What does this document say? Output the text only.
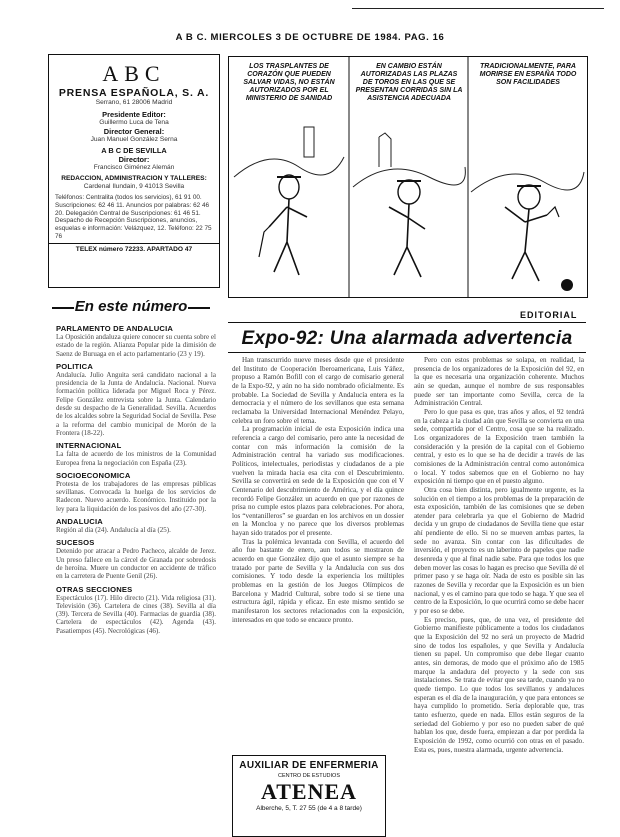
A B C. MIERCOLES 3 DE OCTUBRE DE 1984. PAG. 16
ABC
PRENSA ESPAÑOLA, S. A.
Serrano, 61 28006 Madrid
Presidente Editor:
Guillermo Luca de Tena
Director General:
Juan Manuel González Serna
A B C DE SEVILLA
Director:
Francisco Giménez Alemán
REDACCION, ADMINISTRACION Y TALLERES:
Cardenal Ilundain, 9 41013 Sevilla
Teléfonos: Centralita (todos los servicios), 61 91 00. Suscripciones: 62 46 11. Anuncios por palabras: 62 46 20. Delegación Central de Suscripciones: 61 46 51. Despacho de Recepción Suscripciones, anuncios, esquelas e información: Velázquez, 12. Teléfono: 22 75 76
TELEX número 72233. APARTADO 47
En este número
PARLAMENTO DE ANDALUCIA
La Oposición andaluza quiere conocer su cuenta sobre el estado de la región. Alianza Popular pide la dimisión de Saenz de Buruaga en el acto parlamentario (23 y 19).
POLITICA
Andalucía. Julio Anguita será candidato nacional a la presidencia de la Junta de Andalucía. Nacional. Nueva formación política liderada por Miguel Roca y Pérez. Felipe González entrevista sobre la Junta. Calendario desde su despacho de la Generalidad. Sevilla. Acuerdos de los alcaldes sobre la Seguridad Social de Sevilla. Pese a la reforma del cambio municipal de Morón de la Frontera (18-22).
INTERNACIONAL
La falta de acuerdo de los ministros de la Comunidad Europea frena la negociación con España (23).
SOCIOECONOMICA
Protesta de los trabajadores de las empresas públicas sevillanas. Convocada la huelga de los servicios de Radecon. Nuevo acuerdo. Económico. Instituido por la ley para la liquidación de los pasivos del año (27-30).
ANDALUCIA
Región al día (24). Andalucía al día (25).
SUCESOS
Detenido por atracar a Pedro Pacheco, alcalde de Jerez. Un preso fallece en la cárcel de Granada por sobredosis de heroína. Muere un conductor en accidente de tráfico en la carretera de Puente Genil (26).
OTRAS SECCIONES
Espectáculos (17). Hilo directo (21). Vida religiosa (31). Televisión (36). Cartelera de cines (38). Sevilla al día (39). Tercera de Sevilla (40). Farmacias de guardia (38). Cartelera de espectáculos (42). Agenda (43). Pasatiempos (45). Necrológicas (46).
LOS TRASPLANTES DE CORAZÓN QUE PUEDEN SALVAR VIDAS, NO ESTÁN AUTORIZADOS POR EL MINISTERIO DE SANIDAD
EN CAMBIO ESTÁN AUTORIZADAS LAS PLAZAS DE TOROS EN LAS QUE SE PRESENTAN CORRIDAS SIN LA ASISTENCIA ADECUADA
TRADICIONALMENTE, PARA MORIRSE EN ESPAÑA TODO SON FACILIDADES
EDITORIAL
Expo-92: Una alarmada advertencia

Han transcurrido nueve meses desde que el presidente del Instituto de Cooperación Iberoamericana, Luis Yáñez, propuso a Ramón Bofill con el cargo de comisario general de la Expo-92, y aún no ha sido nombrado oficialmente. Es probable. La Sociedad de Sevilla y Andalucía entera es la democracia y el número de los sevillanos que esta semana reclamaba la Universidad Internacional Menéndez Pelayo, celebra un foro sobre el tema.

La programación inicial de esta Exposición indica una referencia a cargo del comisario, pero ante la necesidad de contar con más información la comisión de la Administración central ha variado sus modificaciones. Políticos, intelectuales, periodistas y ciudadanos de a pie vuelven la mirada hacia esa cita con el Descubrimiento. Sevilla se convertirá en sede de la Exposición que con el V Centenario del descubrimiento de América, y el día quince recordó Felipe González un acuerdo en que por razones de prisa no cumple estos plazos para celebraciones. Por ahora, los “ventanilleros” se guardan en los archivos en un dossier en la Moncloa y no parece que los diversos problemas hayan sido tratados por el presente.

Tras la polémica levantada con Sevilla, el acuerdo del año fue bastante de enero, aun todos se mostraron de acuerdo en que González dijo que el asunto siempre se ha tratado por parte de Sevilla y la Andalucía con sus dos comisiones. Y todo desde la experiencia los múltiples problemas en la gestión de los Juegos Olímpicos de Barcelona y Madrid Cultural, sobre todo si se tiene una estructura ágil, rápida y eficaz. En este mismo sentido se manifestaron los sectores relacionados con la exposición, interesados en que todo se encauce pronto.

Pero con estos problemas se solapa, en realidad, la presencia de los organizadores de la Exposición del 92, en la que es necesaria una organización coherente. Muchos aún se quedan, aunque el nombre de sus responsables puede ser tan importante como Sevilla, cerca de la Administración Central.

Pero lo que pasa es que, tras años y años, el 92 tendrá en la cabeza a la ciudad aún que Sevilla se convierta en una sede, compartida por el Centro, cosa que se ha realizado. Los organizadores de la Exposición traen también la consideración y la presión de la capital con el Gobierno central, y esto es lo que se ha de decidir a través de las comisiones de la Administración central como autonómica o local. Y todos sabemos que en el Gobierno no hay exposición ni tiempo que en el puesto alguno.

Otra cosa bien distinta, pero igualmente urgente, es la solución en el tiempo a los problemas de la preparación de esta exposición, también de las comisiones que se deben atender para celebrarla ya que el Gobierno de Madrid decida y un grupo de ciudadanos de Sevilla tiene que estar ahí pendiente de ello. Si no se mueven ambas partes, la sede no avanza. Sin contar con las dificultades de inversión, el proyecto es un laberinto de papeles que nadie desenreda y que al final nadie sabe. Para que todos los que deben mover las cosas lo hagan es preciso que Sevilla dé el primer paso y se haga oír. Nada de esto es posible sin las razones de Sevilla y recordar que la Exposición es un bien nacional, y es el camino para que todo se haga. Y que sea el centro de la Exposición, lo que ocurrirá como se debe hacer y por eso se debe.

Es preciso, pues, que, de una vez, el presidente del Gobierno manifieste públicamente a todos los ciudadanos que la Exposición del 92 no será un proyecto de Madrid sino de todos los españoles, y que Sevilla y Andalucía tienen su papel. Un compromiso que debe llegar cuanto antes, sin demoras, de modo que el próximo año de 1985 marque la andadura del proyecto y la sede con sus instalaciones. Se trata de evitar que sea tarde, cuando ya no quede tiempo. Lo que todos los sevillanos y andaluces esperan es el día de la inauguración, y que para entonces se haya cumplido lo prometido. Sería deplorable que, tras tanto esfuerzo, quede en nada. Ellos están seguros de la seriedad del Gobierno y por eso no pueden saber de qué hablan los que, desde fuera, empiezan a dar por perdida la Exposición de 1992, como ocurrió con otras en el pasado. Esta es, pues, nuestra alarmada, urgente advertencia.

AUXILIAR DE ENFERMERIA
CENTRO DE ESTUDIOS
ATENEA
Alberche, 5, T. 27 55 (de 4 a 8 tarde)
